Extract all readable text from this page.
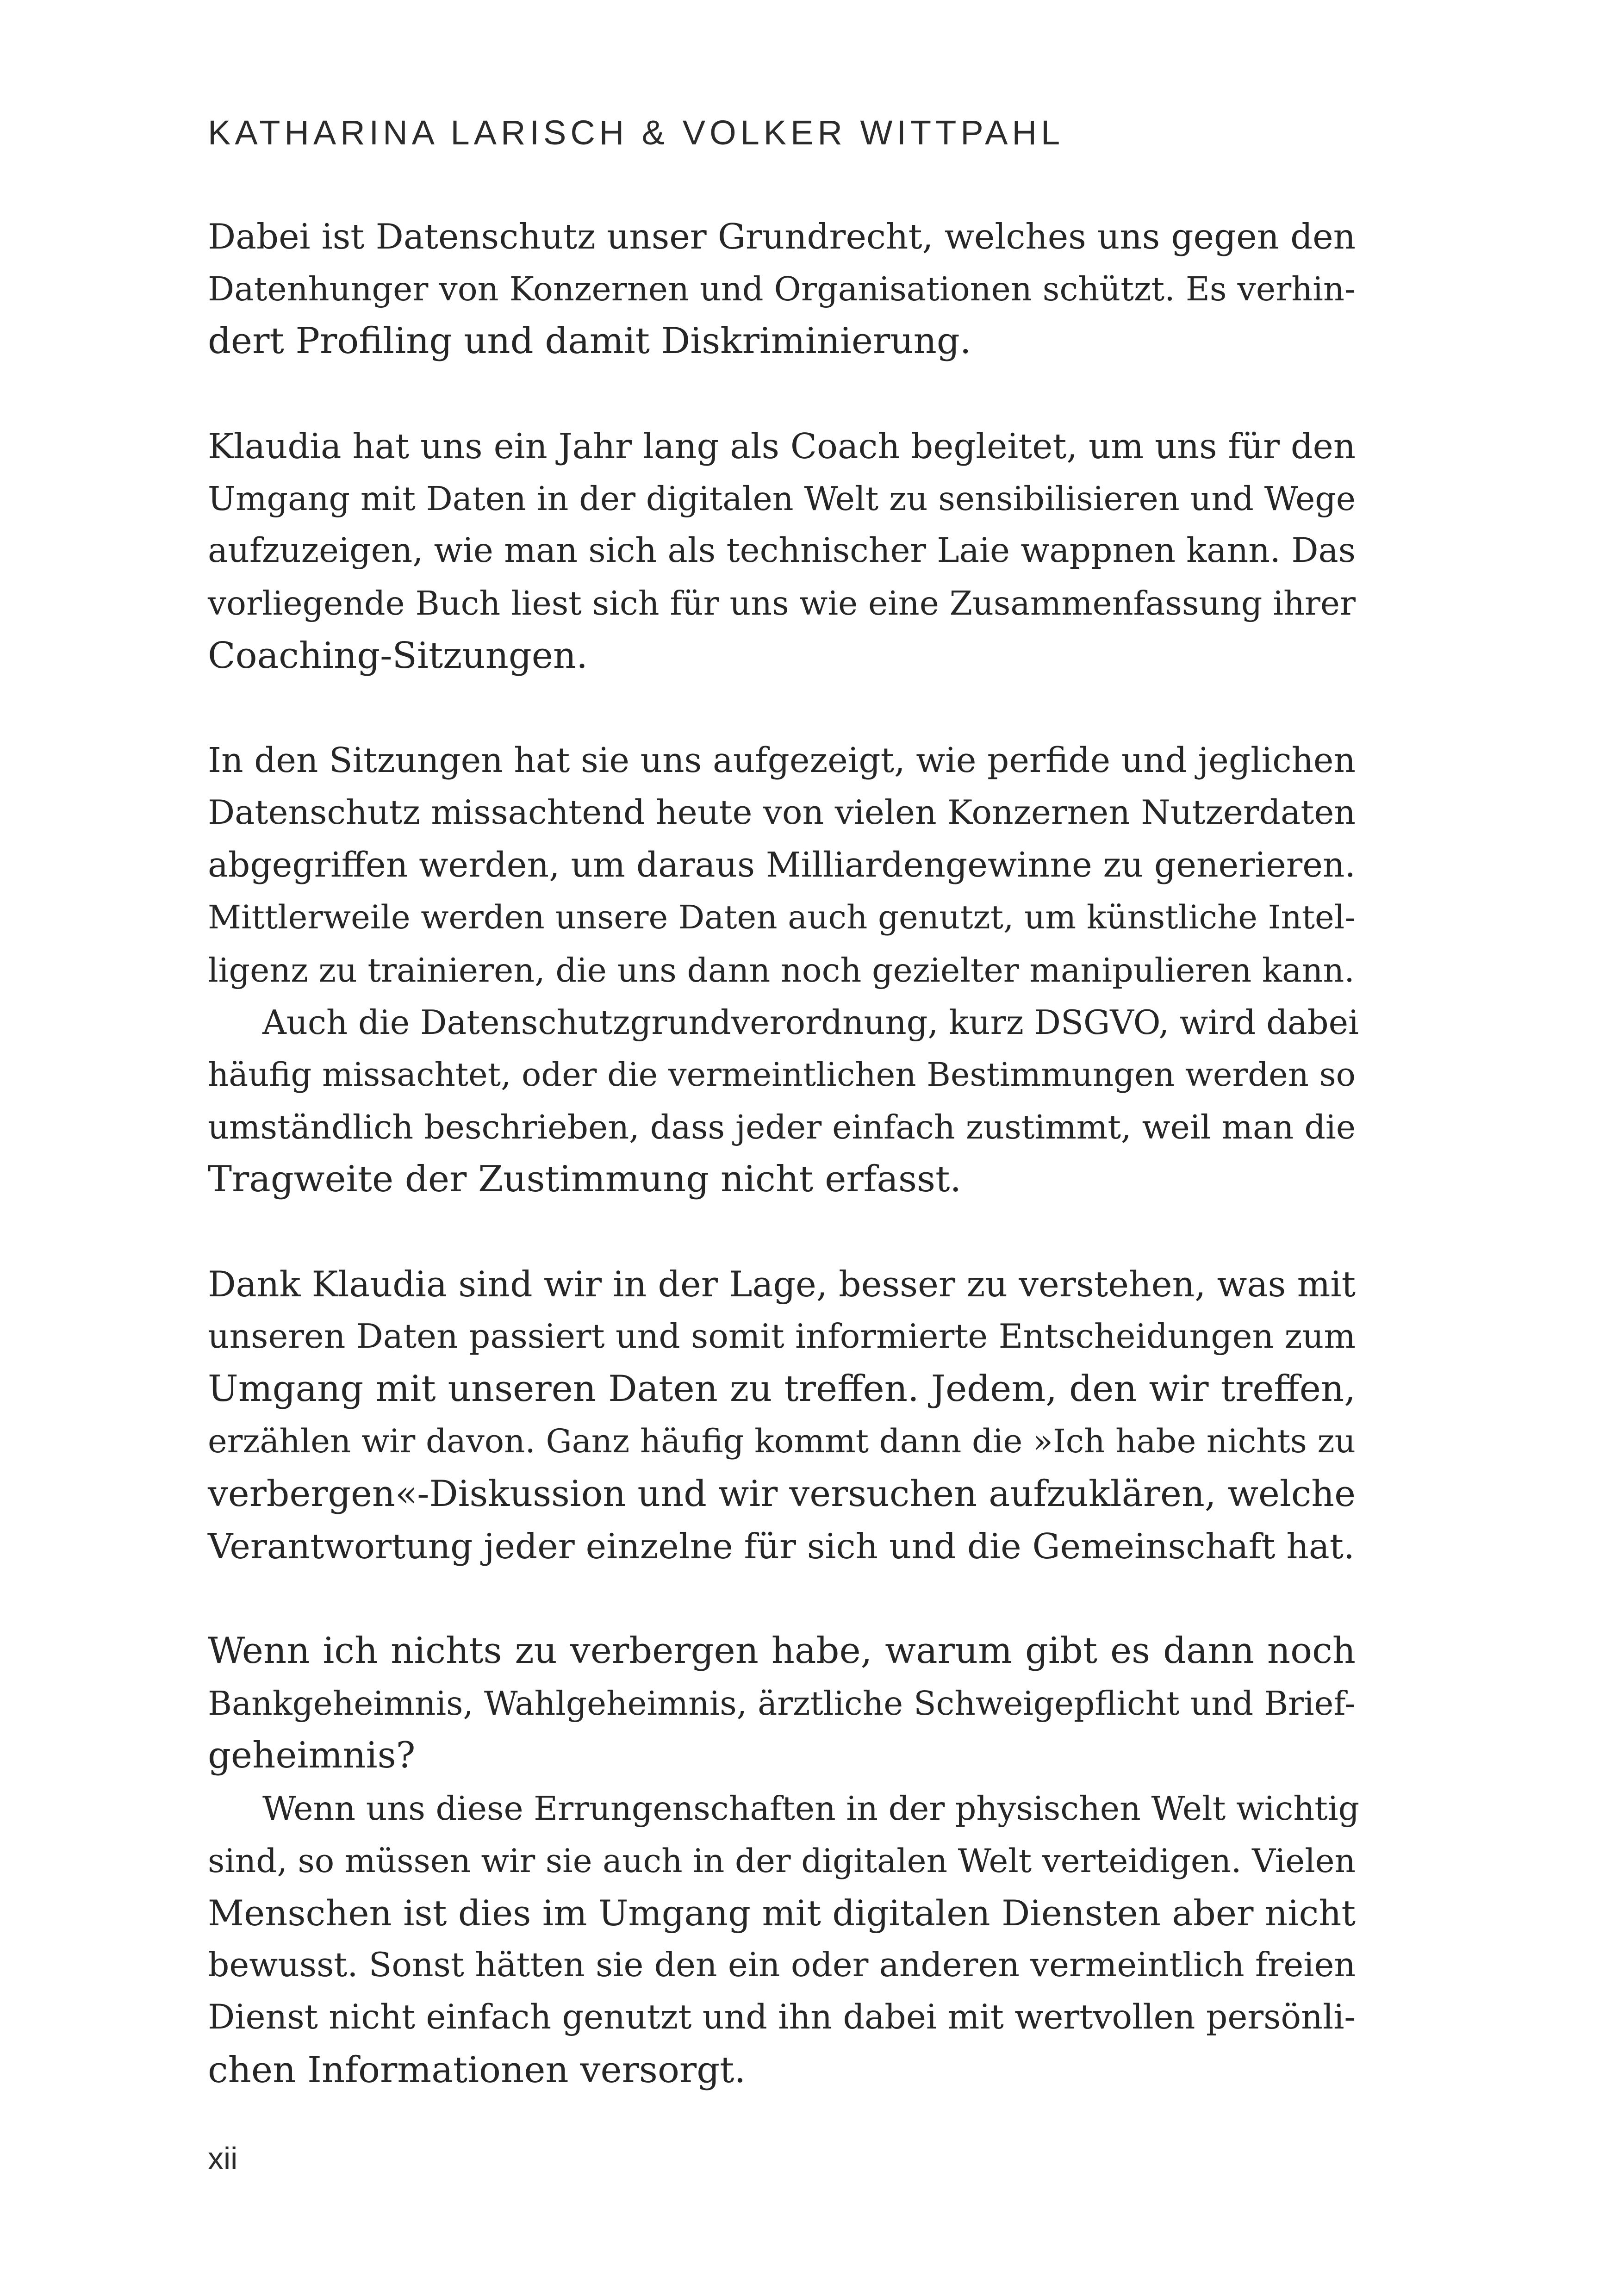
KATHARINA LARISCH & VOLKER WITTPAHL

Dabei ist Datenschutz unser Grundrecht, welches uns gegen den
Datenhunger von Konzernen und Organisationen schützt. Es verhin-
dert Profiling und damit Diskriminierung.

Klaudia hat uns ein Jahr lang als Coach begleitet, um uns für den
Umgang mit Daten in der digitalen Welt zu sensibilisieren und Wege
aufzuzeigen, wie man sich als technischer Laie wappnen kann. Das
vorliegende Buch liest sich für uns wie eine Zusammenfassung ihrer
Coaching-Sitzungen.

In den Sitzungen hat sie uns aufgezeigt, wie perfide und jeglichen
Datenschutz missachtend heute von vielen Konzernen Nutzerdaten
abgegriffen werden, um daraus Milliardengewinne zu generieren.
Mittlerweile werden unsere Daten auch genutzt, um künstliche Intel-
ligenz zu trainieren, die uns dann noch gezielter manipulieren kann.

Auch die Datenschutzgrundverordnung, kurz DSGVO, wird dabei
häufig missachtet, oder die vermeintlichen Bestimmungen werden so
umständlich beschrieben, dass jeder einfach zustimmt, weil man die
Tragweite der Zustimmung nicht erfasst.

Dank Klaudia sind wir in der Lage, besser zu verstehen, was mit
unseren Daten passiert und somit informierte Entscheidungen zum
Umgang mit unseren Daten zu treffen. Jedem, den wir treffen,
erzählen wir davon. Ganz häufig kommt dann die »Ich habe nichts zu
verbergen«-Diskussion und wir versuchen aufzuklären, welche
Verantwortung jeder einzelne für sich und die Gemeinschaft hat.

Wenn ich nichts zu verbergen habe, warum gibt es dann noch
Bankgeheimnis, Wahlgeheimnis, ärztliche Schweigepflicht und Brief-
geheimnis?

Wenn uns diese Errungenschaften in der physischen Welt wichtig
sind, so müssen wir sie auch in der digitalen Welt verteidigen. Vielen
Menschen ist dies im Umgang mit digitalen Diensten aber nicht
bewusst. Sonst hätten sie den ein oder anderen vermeintlich freien
Dienst nicht einfach genutzt und ihn dabei mit wertvollen persönli-
chen Informationen versorgt.

xii
